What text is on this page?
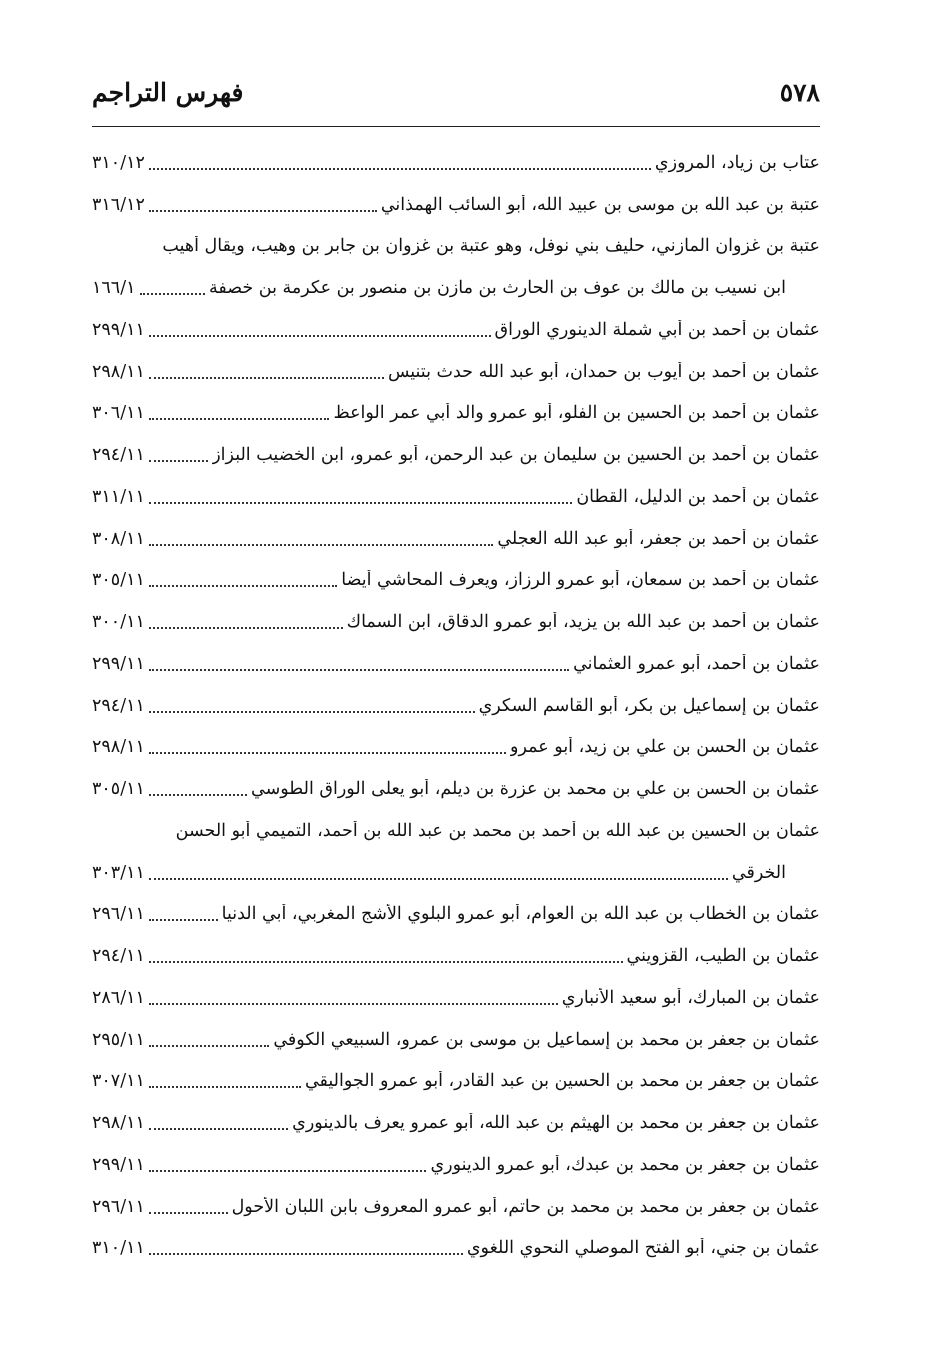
٥٧٨
فهرس التراجم
عتاب بن زياد، المروزي
٣١٠/١٢
عتبة بن عبد الله بن موسى بن عبيد الله، أبو السائب الهمذاني
٣١٦/١٢
عتبة بن غزوان المازني، حليف بني نوفل، وهو عتبة بن غزوان بن جابر بن وهيب، ويقال أهيب
ابن نسيب بن مالك بن عوف بن الحارث بن مازن بن منصور بن عكرمة بن خصفة
١٦٦/١
عثمان بن أحمد بن أبي شملة الدينوري الوراق
٢٩٩/١١
عثمان بن أحمد بن أيوب بن حمدان، أبو عبد الله حدث بتنيس
٢٩٨/١١
عثمان بن أحمد بن الحسين بن الفلو، أبو عمرو والد أبي عمر الواعظ
٣٠٦/١١
عثمان بن أحمد بن الحسين بن سليمان بن عبد الرحمن، أبو عمرو، ابن الخضيب البزاز
٢٩٤/١١
عثمان بن أحمد بن الدليل، القطان
٣١١/١١
عثمان بن أحمد بن جعفر، أبو عبد الله العجلي
٣٠٨/١١
عثمان بن أحمد بن سمعان، أبو عمرو الرزاز، ويعرف المحاشي أيضا
٣٠٥/١١
عثمان بن أحمد بن عبد الله بن يزيد، أبو عمرو الدقاق، ابن السماك
٣٠٠/١١
عثمان بن أحمد، أبو عمرو العثماني
٢٩٩/١١
عثمان بن إسماعيل بن بكر، أبو القاسم السكري
٢٩٤/١١
عثمان بن الحسن بن علي بن زيد، أبو عمرو
٢٩٨/١١
عثمان بن الحسن بن علي بن محمد بن عزرة بن ديلم، أبو يعلى الوراق الطوسي
٣٠٥/١١
عثمان بن الحسين بن عبد الله بن أحمد بن محمد بن عبد الله بن أحمد، التميمي أبو الحسن
الخرقي
٣٠٣/١١
عثمان بن الخطاب بن عبد الله بن العوام، أبو عمرو البلوي الأشج المغربي، أبي الدنيا
٢٩٦/١١
عثمان بن الطيب، القزويني
٢٩٤/١١
عثمان بن المبارك، أبو سعيد الأنباري
٢٨٦/١١
عثمان بن جعفر بن محمد بن إسماعيل بن موسى بن عمرو، السبيعي الكوفي
٢٩٥/١١
عثمان بن جعفر بن محمد بن الحسين بن عبد القادر، أبو عمرو الجواليقي
٣٠٧/١١
عثمان بن جعفر بن محمد بن الهيثم بن عبد الله، أبو عمرو يعرف بالدينوري
٢٩٨/١١
عثمان بن جعفر بن محمد بن عبدك، أبو عمرو الدينوري
٢٩٩/١١
عثمان بن جعفر بن محمد بن محمد بن حاتم، أبو عمرو المعروف بابن اللبان الأحول
٢٩٦/١١
عثمان بن جني، أبو الفتح الموصلي النحوي اللغوي
٣١٠/١١
